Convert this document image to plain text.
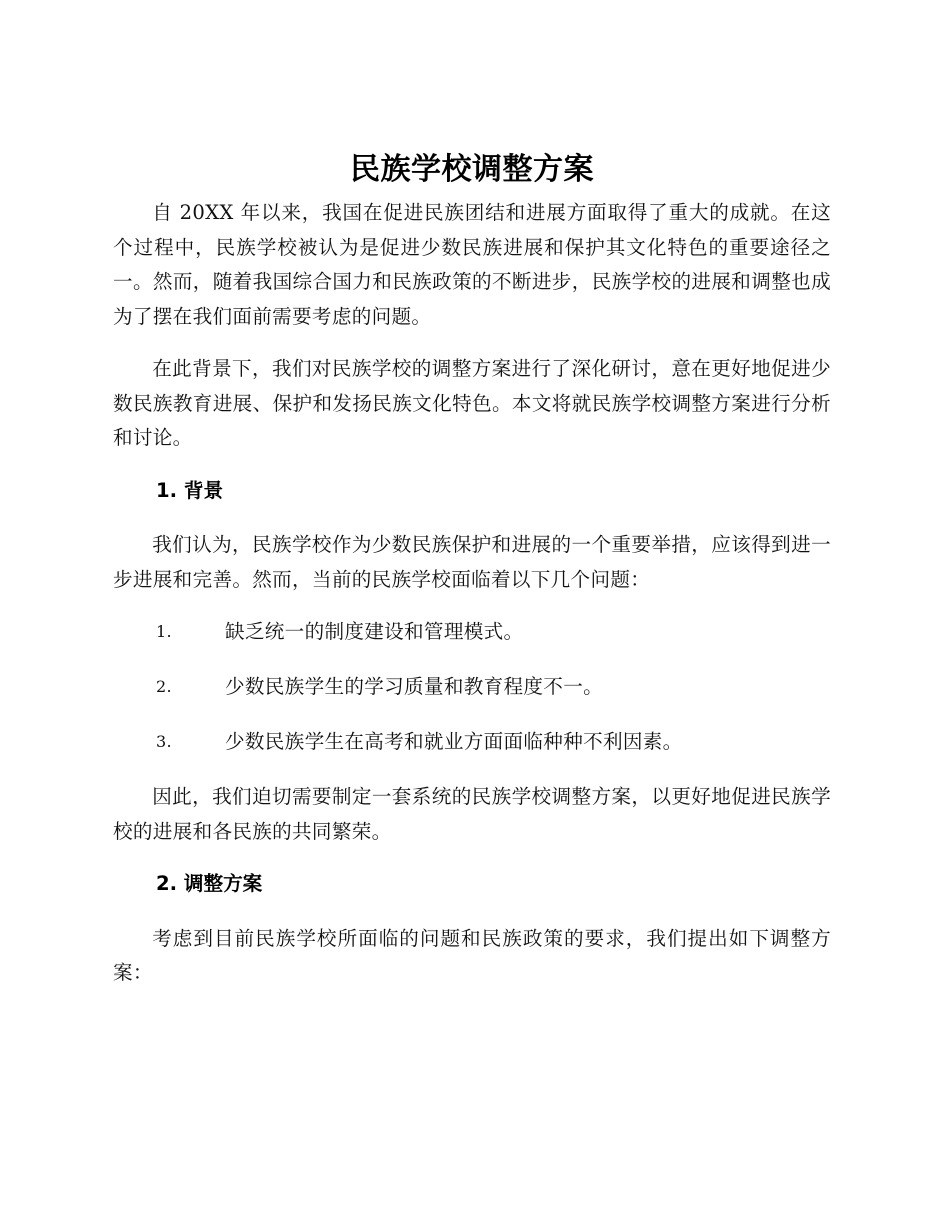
民族学校调整方案

自 20XX 年以来，我国在促进民族团结和进展方面取得了重大的成就。在这个过程中，民族学校被认为是促进少数民族进展和保护其文化特色的重要途径之一。然而，随着我国综合国力和民族政策的不断进步，民族学校的进展和调整也成为了摆在我们面前需要考虑的问题。

在此背景下，我们对民族学校的调整方案进行了深化研讨，意在更好地促进少数民族教育进展、保护和发扬民族文化特色。本文将就民族学校调整方案进行分析和讨论。

1. 背景

我们认为，民族学校作为少数民族保护和进展的一个重要举措，应该得到进一步进展和完善。然而，当前的民族学校面临着以下几个问题：

1.	缺乏统一的制度建设和管理模式。
2.	少数民族学生的学习质量和教育程度不一。
3.	少数民族学生在高考和就业方面面临种种不利因素。

因此，我们迫切需要制定一套系统的民族学校调整方案，以更好地促进民族学校的进展和各民族的共同繁荣。

2. 调整方案

考虑到目前民族学校所面临的问题和民族政策的要求，我们提出如下调整方案：
